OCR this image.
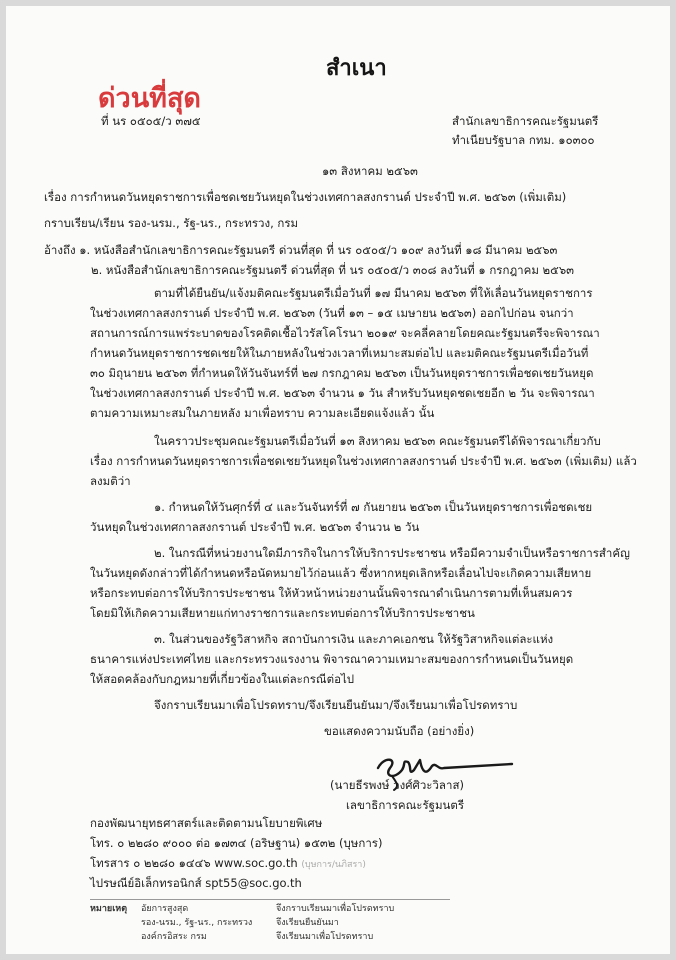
สำเนา
ด่วนที่สุด
ที่ นร ๐๕๐๕/ว ๓๗๕	สำนักเลขาธิการคณะรัฐมนตรี
ทำเนียบรัฐบาล กทม. ๑๐๓๐๐
๑๓ สิงหาคม ๒๕๖๓
เรื่อง การกำหนดวันหยุดราชการเพื่อชดเชยวันหยุดในช่วงเทศกาลสงกรานต์ ประจำปี พ.ศ. ๒๕๖๓ (เพิ่มเติม)
กราบเรียน/เรียน รอง-นรม., รัฐ-นร., กระทรวง, กรม
อ้างถึง ๑. หนังสือสำนักเลขาธิการคณะรัฐมนตรี ด่วนที่สุด ที่ นร ๐๕๐๕/ว ๑๐๙ ลงวันที่ ๑๘ มีนาคม ๒๕๖๓
๒. หนังสือสำนักเลขาธิการคณะรัฐมนตรี ด่วนที่สุด ที่ นร ๐๕๐๕/ว ๓๐๘ ลงวันที่ ๑ กรกฎาคม ๒๕๖๓
ตามที่ได้ยืนยัน/แจ้งมติคณะรัฐมนตรีเมื่อวันที่ ๑๗ มีนาคม ๒๕๖๓ ที่ให้เลื่อนวันหยุดราชการ
ในช่วงเทศกาลสงกรานต์ ประจำปี พ.ศ. ๒๕๖๓ (วันที่ ๑๓ – ๑๕ เมษายน ๒๕๖๓) ออกไปก่อน จนกว่า
สถานการณ์การแพร่ระบาดของโรคติดเชื้อไวรัสโคโรนา ๒๐๑๙ จะคลี่คลายโดยคณะรัฐมนตรีจะพิจารณา
กำหนดวันหยุดราชการชดเชยให้ในภายหลังในช่วงเวลาที่เหมาะสมต่อไป และมติคณะรัฐมนตรีเมื่อวันที่
๓๐ มิถุนายน ๒๕๖๓ ที่กำหนดให้วันจันทร์ที่ ๒๗ กรกฎาคม ๒๕๖๓ เป็นวันหยุดราชการเพื่อชดเชยวันหยุด
ในช่วงเทศกาลสงกรานต์ ประจำปี พ.ศ. ๒๕๖๓ จำนวน ๑ วัน สำหรับวันหยุดชดเชยอีก ๒ วัน จะพิจารณา
ตามความเหมาะสมในภายหลัง มาเพื่อทราบ ความละเอียดแจ้งแล้ว นั้น
ในคราวประชุมคณะรัฐมนตรีเมื่อวันที่ ๑๓ สิงหาคม ๒๕๖๓ คณะรัฐมนตรีได้พิจารณาเกี่ยวกับ
เรื่อง การกำหนดวันหยุดราชการเพื่อชดเชยวันหยุดในช่วงเทศกาลสงกรานต์ ประจำปี พ.ศ. ๒๕๖๓ (เพิ่มเติม) แล้ว
ลงมติว่า
๑. กำหนดให้วันศุกร์ที่ ๔ และวันจันทร์ที่ ๗ กันยายน ๒๕๖๓ เป็นวันหยุดราชการเพื่อชดเชย
วันหยุดในช่วงเทศกาลสงกรานต์ ประจำปี พ.ศ. ๒๕๖๓ จำนวน ๒ วัน
๒. ในกรณีที่หน่วยงานใดมีภารกิจในการให้บริการประชาชน หรือมีความจำเป็นหรือราชการสำคัญ
ในวันหยุดดังกล่าวที่ได้กำหนดหรือนัดหมายไว้ก่อนแล้ว ซึ่งหากหยุดเลิกหรือเลื่อนไปจะเกิดความเสียหาย
หรือกระทบต่อการให้บริการประชาชน ให้หัวหน้าหน่วยงานนั้นพิจารณาดำเนินการตามที่เห็นสมควร
โดยมิให้เกิดความเสียหายแก่ทางราชการและกระทบต่อการให้บริการประชาชน
๓. ในส่วนของรัฐวิสาหกิจ สถาบันการเงิน และภาคเอกชน ให้รัฐวิสาหกิจแต่ละแห่ง
ธนาคารแห่งประเทศไทย และกระทรวงแรงงาน พิจารณาความเหมาะสมของการกำหนดเป็นวันหยุด
ให้สอดคล้องกับกฎหมายที่เกี่ยวข้องในแต่ละกรณีต่อไป
จึงกราบเรียนมาเพื่อโปรดทราบ/จึงเรียนยืนยันมา/จึงเรียนมาเพื่อโปรดทราบ
ขอแสดงความนับถือ (อย่างยิ่ง)
(นายธีรพงษ์ วงศ์ศิวะวิลาส)
เลขาธิการคณะรัฐมนตรี
กองพัฒนายุทธศาสตร์และติดตามนโยบายพิเศษ
โทร. ๐ ๒๒๘๐ ๙๐๐๐ ต่อ ๑๗๓๔ (อริษฐาน) ๑๕๓๒ (บุษการ)
โทรสาร ๐ ๒๒๘๐ ๑๔๔๖ www.soc.go.th (บุษการ/นภิสรา)
ไปรษณีย์อิเล็กทรอนิกส์ spt55@soc.go.th
หมายเหตุ อัยการสูงสุด	จึงกราบเรียนมาเพื่อโปรดทราบ
รอง-นรม., รัฐ-นร., กระทรวง	จึงเรียนยืนยันมา
องค์กรอิสระ กรม	จึงเรียนมาเพื่อโปรดทราบ
